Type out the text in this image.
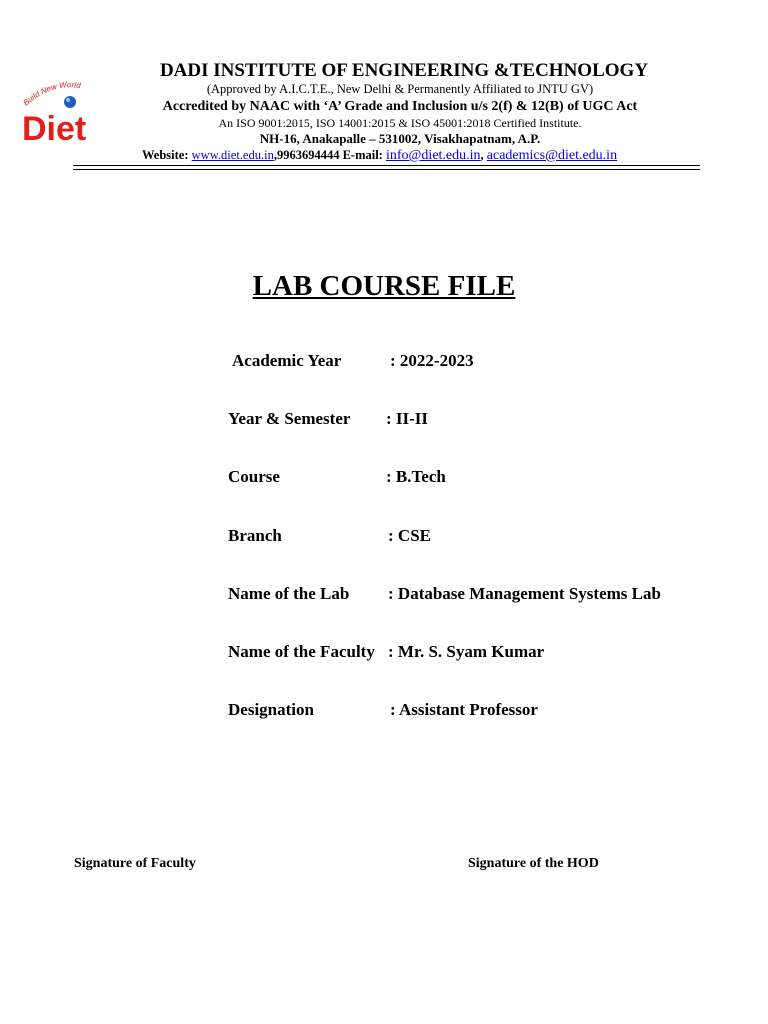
Build New World
Diet
DADI INSTITUTE OF ENGINEERING &TECHNOLOGY
(Approved by A.I.C.T.E., New Delhi & Permanently Affiliated to JNTU GV)
Accredited by NAAC with ‘A’ Grade and Inclusion u/s 2(f) & 12(B) of UGC Act
An ISO 9001:2015, ISO 14001:2015 & ISO 45001:2018 Certified Institute.
NH-16, Anakapalle – 531002, Visakhapatnam, A.P.
Website: www.diet.edu.in,9963694444 E-mail: info@diet.edu.in, academics@diet.edu.in
LAB COURSE FILE
Academic Year	: 2022-2023
Year & Semester : II-II
Course	: B.Tech
Branch	: CSE
Name of the Lab : Database Management Systems Lab
Name of the Faculty : Mr. S. Syam Kumar
Designation	: Assistant Professor
Signature of Faculty	Signature of the HOD
